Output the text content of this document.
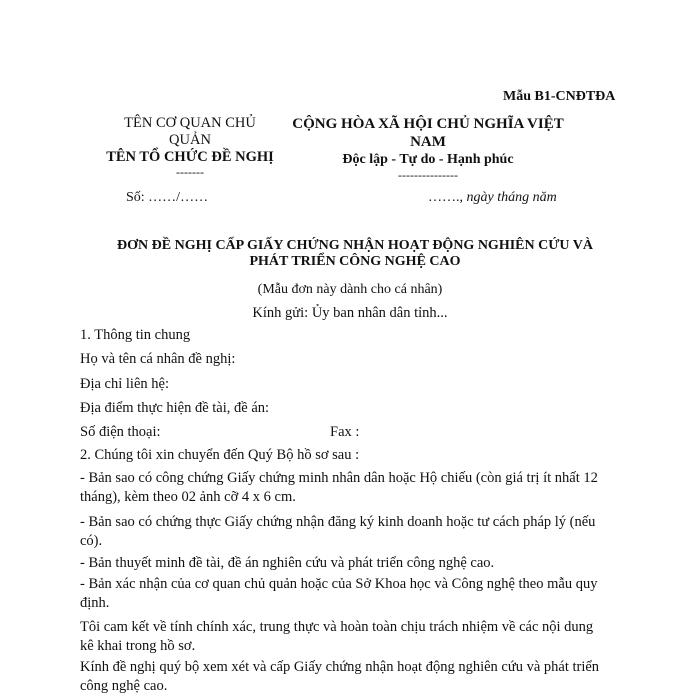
Mẫu B1-CNĐTĐA
TÊN CƠ QUAN CHỦ
QUẢN
TÊN TỔ CHỨC ĐỀ NGHỊ
-------
CỘNG HÒA XÃ HỘI CHỦ NGHĨA VIỆT
NAM
Độc lập - Tự do - Hạnh phúc
---------------
Số: ……/……	……., ngày tháng năm
ĐƠN ĐỀ NGHỊ CẤP GIẤY CHỨNG NHẬN HOẠT ĐỘNG NGHIÊN CỨU VÀ
PHÁT TRIỂN CÔNG NGHỆ CAO
(Mẫu đơn này dành cho cá nhân)
Kính gửi: Ủy ban nhân dân tỉnh...
1. Thông tin chung
Họ và tên cá nhân đề nghị:
Địa chỉ liên hệ:
Địa điểm thực hiện đề tài, đề án:
Số điện thoại:	Fax :
2. Chúng tôi xin chuyển đến Quý Bộ hồ sơ sau :
- Bản sao có công chứng Giấy chứng minh nhân dân hoặc Hộ chiếu (còn giá trị ít nhất 12
tháng), kèm theo 02 ảnh cỡ 4 x 6 cm.
- Bản sao có chứng thực Giấy chứng nhận đăng ký kinh doanh hoặc tư cách pháp lý (nếu
có).
- Bản thuyết minh đề tài, đề án nghiên cứu và phát triển công nghệ cao.
- Bản xác nhận của cơ quan chủ quản hoặc của Sở Khoa học và Công nghệ theo mẫu quy
định.
Tôi cam kết về tính chính xác, trung thực và hoàn toàn chịu trách nhiệm về các nội dung
kê khai trong hồ sơ.
Kính đề nghị quý bộ xem xét và cấp Giấy chứng nhận hoạt động nghiên cứu và phát triển
công nghệ cao.
